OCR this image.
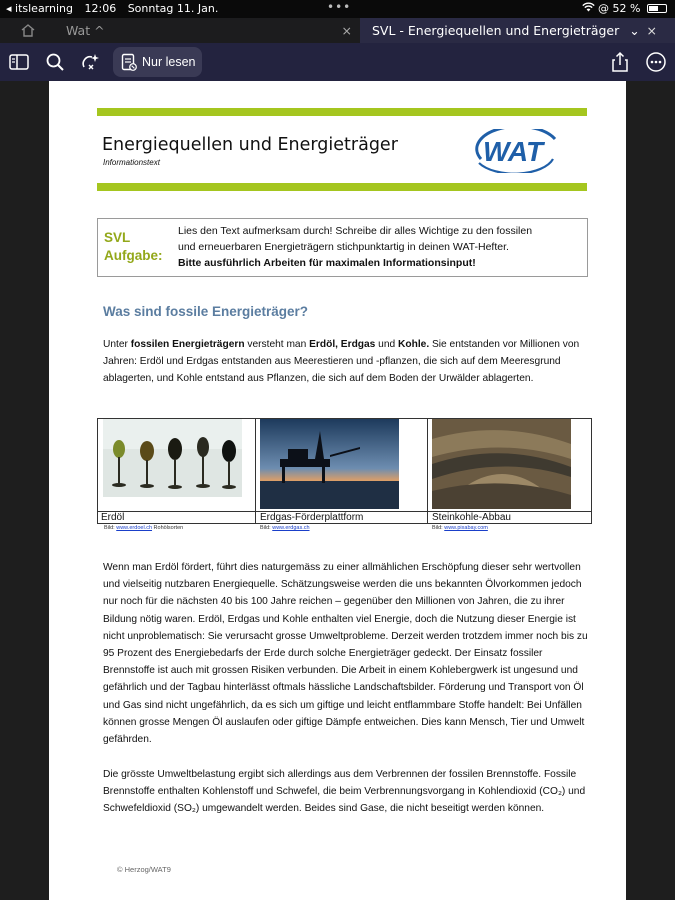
◂ itslearning 12:06 Sonntag 11. Jan.	•••	@ 52 %
Wat ^	×	SVL - Energiequellen und Energieträger ⌄ ×
Nur lesen
Energiequellen und Energieträger
Informationstext	WAT
SVL
Aufgabe:
Lies den Text aufmerksam durch! Schreibe dir alles Wichtige zu den fossilen
und erneuerbaren Energieträgern stichpunktartig in deinen WAT-Hefter.
Bitte ausführlich Arbeiten für maximalen Informationsinput!
Was sind fossile Energieträger?
Unter fossilen Energieträgern versteht man Erdöl, Erdgas und Kohle. Sie entstanden vor Millionen von Jahren: Erdöl und Erdgas entstanden aus Meerestieren und -pflanzen, die sich auf dem Meeresgrund ablagerten, und Kohle entstand aus Pflanzen, die sich auf dem Boden der Urwälder ablagerten.
Erdöl	Erdgas-Förderplattform	Steinkohle-Abbau
Bild: www.erdoel.ch Rohölsorten	Bild: www.erdgas.ch	Bild: www.pixabay.com
Wenn man Erdöl fördert, führt dies naturgemäss zu einer allmählichen Erschöpfung dieser sehr wertvollen und vielseitig nutzbaren Energiequelle. Schätzungsweise werden die uns bekannten Ölvorkommen jedoch nur noch für die nächsten 40 bis 100 Jahre reichen – gegenüber den Millionen von Jahren, die zu ihrer Bildung nötig waren. Erdöl, Erdgas und Kohle enthalten viel Energie, doch die Nutzung dieser Energie ist nicht unproblematisch: Sie verursacht grosse Umweltprobleme. Derzeit werden trotzdem immer noch bis zu 95 Prozent des Energiebedarfs der Erde durch solche Energieträger gedeckt. Der Einsatz fossiler Brennstoffe ist auch mit grossen Risiken verbunden. Die Arbeit in einem Kohlebergwerk ist ungesund und gefährlich und der Tagbau hinterlässt oftmals hässliche Landschaftsbilder. Förderung und Transport von Öl und Gas sind nicht ungefährlich, da es sich um giftige und leicht entflammbare Stoffe handelt: Bei Unfällen können grosse Mengen Öl auslaufen oder giftige Dämpfe entweichen. Dies kann Mensch, Tier und Umwelt gefährden.
Die grösste Umweltbelastung ergibt sich allerdings aus dem Verbrennen der fossilen Brennstoffe. Fossile Brennstoffe enthalten Kohlenstoff und Schwefel, die beim Verbrennungsvorgang in Kohlendioxid (CO₂) und Schwefeldioxid (SO₂) umgewandelt werden. Beides sind Gase, die nicht beseitigt werden können.
© Herzog/WAT9
